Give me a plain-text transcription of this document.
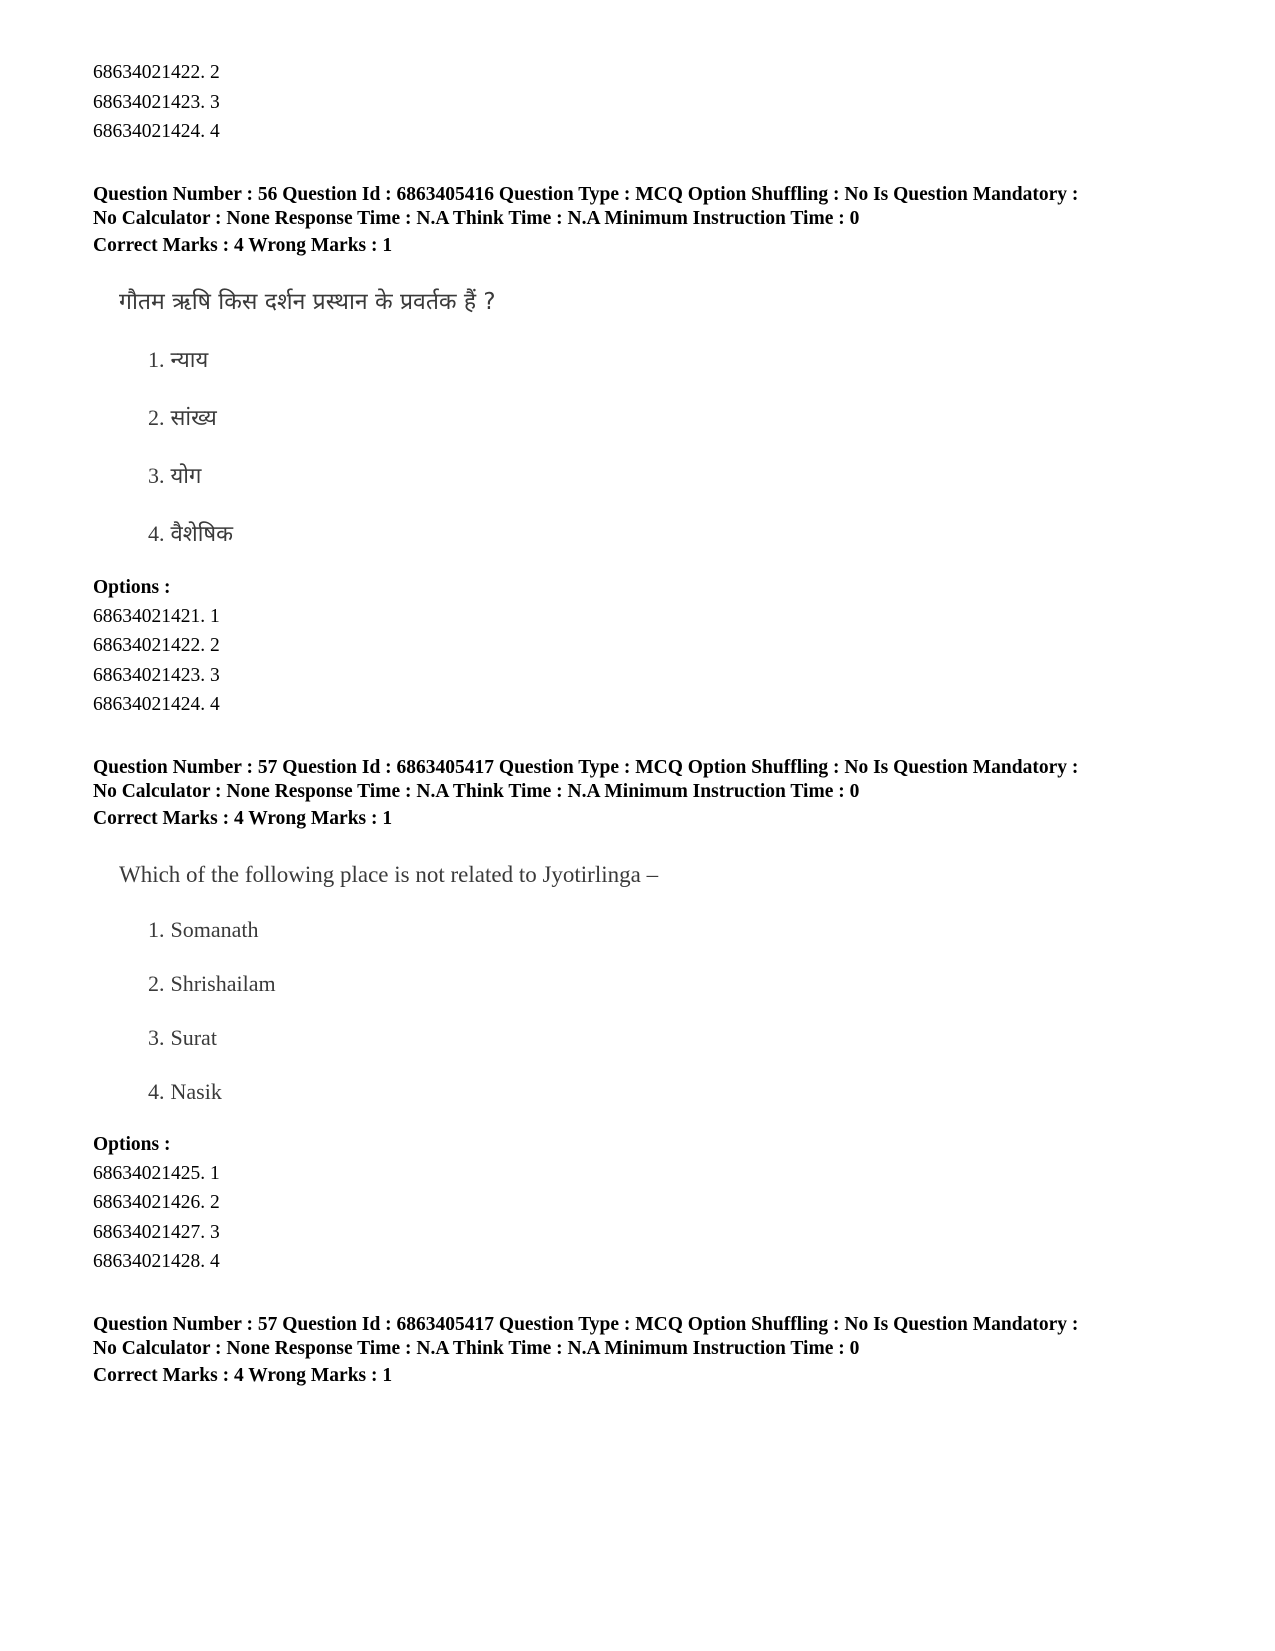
68634021422. 2
68634021423. 3
68634021424. 4
Question Number : 56 Question Id : 6863405416 Question Type : MCQ Option Shuffling : No Is Question Mandatory :
No Calculator : None Response Time : N.A Think Time : N.A Minimum Instruction Time : 0
Correct Marks : 4 Wrong Marks : 1
गौतम ऋषि किस दर्शन प्रस्थान के प्रवर्तक हैं ?
1. न्याय
2. सांख्य
3. योग
4. वैशेषिक
Options :
68634021421. 1
68634021422. 2
68634021423. 3
68634021424. 4
Question Number : 57 Question Id : 6863405417 Question Type : MCQ Option Shuffling : No Is Question Mandatory :
No Calculator : None Response Time : N.A Think Time : N.A Minimum Instruction Time : 0
Correct Marks : 4 Wrong Marks : 1
Which of the following place is not related to Jyotirlinga –
1. Somanath
2. Shrishailam
3. Surat
4. Nasik
Options :
68634021425. 1
68634021426. 2
68634021427. 3
68634021428. 4
Question Number : 57 Question Id : 6863405417 Question Type : MCQ Option Shuffling : No Is Question Mandatory :
No Calculator : None Response Time : N.A Think Time : N.A Minimum Instruction Time : 0
Correct Marks : 4 Wrong Marks : 1
